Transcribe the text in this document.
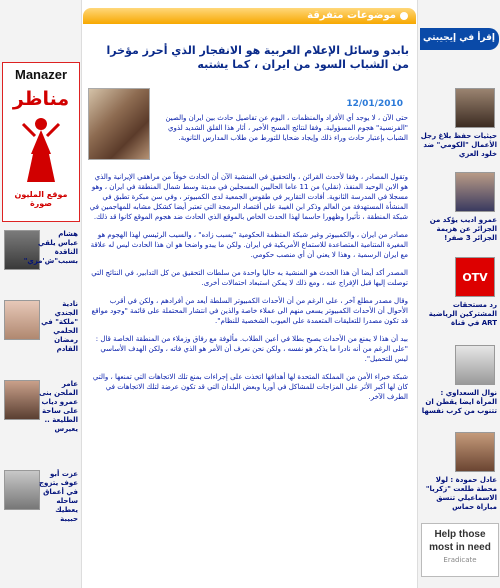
Manazer
مناظر
موقع المليون صورة
هشام عباس يلقي الناقدة بسبب"ش'مزي"
نادية الجندي "ملكة" في الحلمي رمضان القادم
عامر الملحن بنى عمرو دياب على ساحة الطليعة .. يعيرس
عزت أبو عوف يتزوج في أعماق ساحله يعطيك حبيبة
موضوعات متفرقة
بابدو وسائل الإعلام العربية هو الانفجار الذي أحرز مؤخرا من الشباب السود من ايران ، كما يشتبه
12/01/2010

حتى الآن ، لا يوجد أي الأفراد والمنظمات ، اليوم عن تفاصيل حادث بين ايران والصين "الفرنسية" هجوم المسؤولية. وفقا لنتائج المسح الأخير ، أثار هذا القلق الشديد لذوي الشباب بإعتبار حادث وراء ذلك وإيجاد ضحايا للتورط من طلاب المدارس الثانوية.

وتقول المصادر ، وفقا لأحدث القرائن ، والتحقيق في المنشية الآن أن الحادث خوفاً من مراهقي الإيرانية والذي هو الابن الوحيد المنفذ، (نقلي) من 11 عاما الحاليين المسجلين في مدينة وسط شمال المنطقة في ايران ، وهو مسجلا في المدرسة الثانوية. أفادت التقارير في طقوس الجمعية لدى الكمبيوتر ، وفي سن مبكرة تطبق في المنشأة المستهدفة من العالم وذكر ابن الغيبة على أقتصاد البرمجة التي تعتبر أيضا كشكل مشابه للمهاجمين في شبكة المنطقة ، تأثيرا وظهورا حاسما لهذا الحدث الخاص بالموقع الذي الحادث ضد هجوم الموقع كانوا قد ذلك.

مصادر من ايران ، والكمبيوتر وغير شبكة المنظمة الحكومية "يسبب زاده" ، والسيب الرئيسي لهذا الهجوم هو المغيرة المتنامية المتصاعدة للاستماع الأمريكية في ايران. ولكن ما يبدو واضحا هو ان هذا الحادث ليس له علاقة مع ايران الرسمية ، وهذا لا يعني أن أي منصب حكومي.

المصدر أكد أيضا أن هذا الحدث هو المنشية به حاليا واحدة من سلطات التحقيق من كل التدابير، في النتائج التي توصلت إليها قبل الإفراج عنه ، ومع ذلك لا يمكن استبعاد احتمالات أخرى.

وقال مصدر مطلع آخر ، على الرغم من أن الأحداث الكمبيوتر السلطة أيعد من أفرادهم ، ولكن في أقرب الأحوال أن الأحداث الكمبيوتر يسعى منهم الى عملاء خاصة والذين في انتشار المحتملة على قائمة "وجود مواقع قد تكون مصدرا للتعليقات المتعمدة على العيوب الشخصية للنظام".

بيد أن هذا لا يمنع من الأحداث يصبح بطلا في أعين الطلاب. مألوفة مع رفاق وزملاء من المنطقة الخاصة قال : "على الرغم من أنه نادرا ما يذكر هو نفسه ، ولكن نحن نعرف أن الأمر هو الذي فاته ، ولكن الهدف الأساسي ليس للتحميل".

شبكة خبراء الأمن من المملكة المتحدة لها أهدافها اتخذت على إجراءات بمنع تلك الاتجاهات التي تمنعها ، والتي كان لها أكبر الأثر على المزاجات للمشاكل في أوربا وبعض البلدان التي قد تكون عرضة لتلك الاتجاهات في الطرف الآخر.

إقرأ في إيجيبتي
حيثيات حفظ بلاغ رجل الأعمال "الكومي" ضد خلود العزي
عمرو اديب يؤكد من الجزائر عن هزيمة الجزائر 3 صفر!
OTV
رد مستحقات المشتركين الرياضية ART في قناة
نوال السعداوي : المرأة ايضا يقطن ان تتنوب من كرب نفسها
عادل حمودة : لولا محطة طلعت "زكريا" الاسماعيلي تنسق مباراة حماس
Help those most in need
Eradicate
